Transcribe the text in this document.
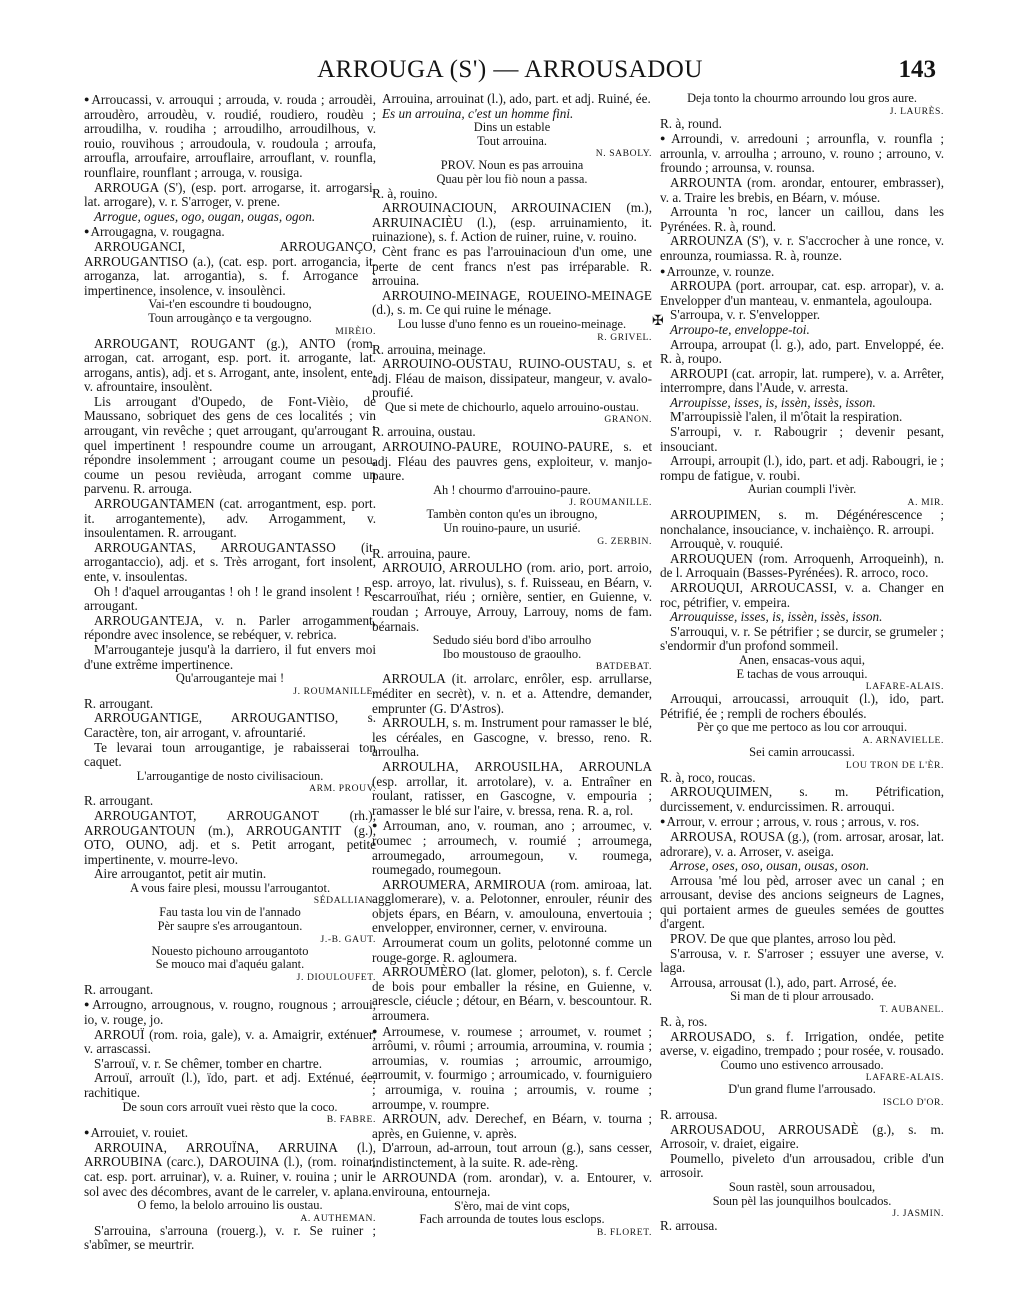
ARROUGA (S') — ARROUSADOU	143
✠

● Arroucassi, v. arrouqui ; arrouda, v. rouda ; arroudèi, arroudèro, arroudèu, v. roudié, roudiero, roudèu ; arroudilha, v. roudiha ; arroudilho, arroudilhous, v. rouio, rouvihous ; arroudoula, v. roudoula ; arroufa, arroufla, arroufaire, arrouflaire, arrouflant, v. rounfla, rounflaire, rounflant ; arrouga, v. rousiga.

ARROUGA (S'), (esp. port. arrogarse, it. arrogarsi, lat. arrogare), v. r. S'arroger, v. prene.

Arrogue, ogues, ogo, ougan, ougas, ogon.

● Arrougagna, v. rougagna.

ARROUGANCI, ARROUGANÇO, ARROUGANTISO (a.), (cat. esp. port. arrogancia, it. arroganza, lat. arrogantia), s. f. Arrogance ; impertinence, insolence, v. insoulènci.

Vai-t'en escoundre ti boudougno,
Toun arrougànço e ta vergougno.

MIRÈIO.

ARROUGANT, ROUGANT (g.), ANTO (rom. arrogan, cat. arrogant, esp. port. it. arrogante, lat. arrogans, antis), adj. et s. Arrogant, ante, insolent, ente, v. afrountaire, insoulènt.

Lis arrougant d'Oupedo, de Font-Vièio, de Maussano, sobriquet des gens de ces localités ; vin arrougant, vin revêche ; quet arrougant, qu'arrougant ! quel impertinent ! respoundre coume un arrougant, répondre insolemment ; arrougant coume un pesou, coume un pesou revièuda, arrogant comme un parvenu. R. arrouga.

ARROUGANTAMEN (cat. arrogantment, esp. port. it. arrogantemente), adv. Arrogamment, v. insoulentamen. R. arrougant.

ARROUGANTAS, ARROUGANTASSO (it. arrogantaccio), adj. et s. Très arrogant, fort insolent, ente, v. insoulentas.

Oh ! d'aquel arrougantas ! oh ! le grand insolent ! R. arrougant.

ARROUGANTEJA, v. n. Parler arrogamment, répondre avec insolence, se rebéquer, v. rebrica.

M'arrouganteje jusqu'à la darriero, il fut envers moi d'une extrême impertinence.

Qu'arrouganteje mai !

J. ROUMANILLE.

R. arrougant.

ARROUGANTIGE, ARROUGANTISO, s. Caractère, ton, air arrogant, v. afrountarié.

Te levarai toun arrougantige, je rabaisserai ton caquet.

L'arrougantige de nosto civilisacioun.

ARM. PROUV.

R. arrougant.

ARROUGANTOT, ARROUGANOT (rh.), ARROUGANTOUN (m.), ARROUGANTIT (g.), OTO, OUNO, adj. et s. Petit arrogant, petite impertinente, v. mourre-levo.

Aire arrougantot, petit air mutin.

A vous faire plesi, moussu l'arrougantot.

SÉDALLIAN.

Fau tasta lou vin de l'annado
Pèr saupre s'es arrougantoun.

J.-B. GAUT.

Nouesto pichouno arrougantoto
Se mouco mai d'aquéu galant.

J. DIOULOUFET.

R. arrougant.

● Arrougno, arrougnous, v. rougno, rougnous ; arroui, io, v. rouge, jo.

ARROUÏ (rom. roia, gale), v. a. Amaigrir, exténuer, v. arrascassi.

S'arrouï, v. r. Se chêmer, tomber en chartre.

Arrouï, arrouït (l.), ïdo, part. et adj. Exténué, ée, rachitique.

De soun cors arrouït vuei rèsto que la coco.

B. FABRE.

● Arrouiet, v. rouiet.

ARROUINA, ARROUÏNA, ARRUINA (l.), ARROUBINA (carc.), DAROUINA (l.), (rom. roinar, cat. esp. port. arruinar), v. a. Ruiner, v. rouina ; unir le sol avec des décombres, avant de le carreler, v. aplana.

O femo, la belolo arrouino lis oustau.

A. AUTHEMAN.

S'arrouina, s'arrouna (rouerg.), v. r. Se ruiner ; s'abîmer, se meurtrir.

Arrouina, arrouinat (l.), ado, part. et adj. Ruiné, ée.

Es un arrouina, c'est un homme fini.

Dins un estable
Tout arrouina.

N. SABOLY.

PROV. Noun es pas arrouina
Quau pèr lou fiò noun a passa.

R. à, rouino.

ARROUINACIOUN, ARROUINACIEN (m.), ARRUINACIÈU (l.), (esp. arruinamiento, it. ruinazione), s. f. Action de ruiner, ruine, v. rouino.

Cènt franc es pas l'arrouinacioun d'un ome, une perte de cent francs n'est pas irréparable. R. arrouina.

ARROUINO-MEINAGE, ROUEINO-MEINAGE (d.), s. m. Ce qui ruine le ménage.

Lou lusse d'uno fenno es un roueino-meinage.

R. GRIVEL.

R. arrouina, meinage.

ARROUINO-OUSTAU, RUINO-OUSTAU, s. et adj. Fléau de maison, dissipateur, mangeur, v. avalo-proufié.

Que si mete de chichourlo, aquelo arrouino-oustau.

GRANON.

R. arrouina, oustau.

ARROUINO-PAURE, ROUINO-PAURE, s. et adj. Fléau des pauvres gens, exploiteur, v. manjo-paure.

Ah ! chourmo d'arrouino-paure.

J. ROUMANILLE.

Tambèn conton qu'es un ibrougno,
Un rouino-paure, un usurié.

G. ZERBIN.

R. arrouina, paure.

ARROUIO, ARROULHO (rom. ario, port. arroio, esp. arroyo, lat. rivulus), s. f. Ruisseau, en Béarn, v. escarrouïhat, riéu ; ornière, sentier, en Guienne, v. roudan ; Arrouye, Arrouy, Larrouy, noms de fam. béarnais.

Sedudo siéu bord d'ibo arroulho
Ibo moustouso de graoulho.

BATDEBAT.

ARROULA (it. arrolarc, enrôler, esp. arrullarse, méditer en secrèt), v. n. et a. Attendre, demander, emprunter (G. D'Astros).

ARROULH, s. m. Instrument pour ramasser le blé, les céréales, en Gascogne, v. bresso, reno. R. arroulha.

ARROULHA, ARROUSILHA, ARROUNLA (esp. arrollar, it. arrotolare), v. a. Entraîner en roulant, ratisser, en Gascogne, v. empouria ; ramasser le blé sur l'aire, v. bressa, rena. R. a, rol.

● Arrouman, ano, v. rouman, ano ; arroumec, v. roumec ; arroumech, v. roumié ; arroumega, arroumegado, arroumegoun, v. roumega, roumegado, roumegoun.

ARROUMERA, ARMIROUA (rom. amiroaa, lat. agglomerare), v. a. Pelotonner, enrouler, réunir des objets épars, en Béarn, v. amoulouna, envertouia ; envelopper, environner, cerner, v. envirouna.

Arroumerat coum un golits, pelotonné comme un rouge-gorge. R. agloumera.

ARROUMÈRO (lat. glomer, peloton), s. f. Cercle de bois pour emballer la résine, en Guienne, v. arescle, ciéucle ; détour, en Béarn, v. bescountour. R. arroumera.

● Arroumese, v. roumese ; arroumet, v. roumet ; arrôumi, v. rôumi ; arroumia, arroumina, v. roumia ; arroumias, v. roumias ; arroumic, arroumigo, arroumit, v. fourmigo ; arroumicado, v. fourniguiero ; arroumiga, v. rouina ; arroumis, v. roume ; arroumpe, v. roumpre.

ARROUN, adv. Derechef, en Béarn, v. tourna ; après, en Guienne, v. après.

D'arroun, ad-arroun, tout arroun (g.), sans cesser, indistinctement, à la suite. R. ade-rèng.

ARROUNDA (rom. arondar), v. a. Entourer, v. envirouna, entourneja.

S'èro, mai de vint cops,
Fach arrounda de toutes lous esclops.

B. FLORET.

Deja tonto la chourmo arroundo lou gros aure.

J. LAURÈS.

R. à, round.

● Arroundi, v. arredouni ; arrounfla, v. rounfla ; arrounla, v. arroulha ; arrouno, v. rouno ; arrouno, v. froundo ; arrounsa, v. rounsa.

ARROUNTA (rom. arondar, entourer, embrasser), v. a. Traire les brebis, en Béarn, v. móuse.

Arrounta 'n roc, lancer un caillou, dans les Pyrénées. R. à, round.

ARROUNZA (S'), v. r. S'accrocher à une ronce, v. enrounza, roumiassa. R. à, rounze.

● Arrounze, v. rounze.

ARROUPA (port. arroupar, cat. esp. arropar), v. a. Envelopper d'un manteau, v. enmantela, agouloupa.

S'arroupa, v. r. S'envelopper.

Arroupo-te, enveloppe-toi.

Arroupa, arroupat (l. g.), ado, part. Enveloppé, ée. R. à, roupo.

ARROUPI (cat. arropir, lat. rumpere), v. a. Arrêter, interrompre, dans l'Aude, v. arresta.

Arroupisse, isses, is, issèn, issès, isson.

M'arroupissiè l'alen, il m'ôtait la respiration.

S'arroupi, v. r. Rabougrir ; devenir pesant, insouciant.

Arroupi, arroupit (l.), ido, part. et adj. Rabougri, ie ; rompu de fatigue, v. roubi.

Aurian coumpli l'ivèr.

A. MIR.

ARROUPIMEN, s. m. Dégénérescence ; nonchalance, insouciance, v. inchaiènço. R. arroupi.

Arrouquè, v. rouquié.

ARROUQUEN (rom. Arroquenh, Arroqueinh), n. de l. Arroquain (Basses-Pyrénées). R. arroco, roco.

ARROUQUI, ARROUCASSI, v. a. Changer en roc, pétrifier, v. empeira.

Arrouquisse, isses, is, issèn, issès, isson.

S'arrouqui, v. r. Se pétrifier ; se durcir, se grumeler ; s'endormir d'un profond sommeil.

Anen, ensacas-vous aqui,
E tachas de vous arrouqui.

LAFARE-ALAIS.

Arrouqui, arroucassi, arrouquit (l.), ido, part. Pétrifié, ée ; rempli de rochers éboulés.

Pèr ço que me pertoco as lou cor arrouqui.

A. ARNAVIELLE.

Sei camin arroucassi.

LOU TRON DE L'ÈR.

R. à, roco, roucas.

ARROUQUIMEN, s. m. Pétrification, durcissement, v. endurcissimen. R. arrouqui.

● Arrour, v. errour ; arrous, v. rous ; arrous, v. ros.

ARROUSA, ROUSA (g.), (rom. arrosar, arosar, lat. adrorare), v. a. Arroser, v. aseiga.

Arrose, oses, oso, ousan, ousas, oson.

Arrousa 'mé lou pèd, arroser avec un canal ; en arrousant, devise des ancions seigneurs de Lagnes, qui portaient armes de gueules semées de gouttes d'argent.

PROV. De que que plantes, arroso lou pèd.

S'arrousa, v. r. S'arroser ; essuyer une averse, v. laga.

Arrousa, arrousat (l.), ado, part. Arrosé, ée.

Si man de ti plour arrousado.

T. AUBANEL.

R. à, ros.

ARROUSADO, s. f. Irrigation, ondée, petite averse, v. eigadino, trempado ; pour rosée, v. rousado.

Coumo uno estivenco arrousado.

LAFARE-ALAIS.

D'un grand flume l'arrousado.

ISCLO D'OR.

R. arrousa.

ARROUSADOU, ARROUSADÈ (g.), s. m. Arrosoir, v. draiet, eigaire.

Poumello, piveleto d'un arrousadou, crible d'un arrosoir.

Soun rastèl, soun arrousadou,
Soun pèl las jounquilhos boulcados.

J. JASMIN.

R. arrousa.
